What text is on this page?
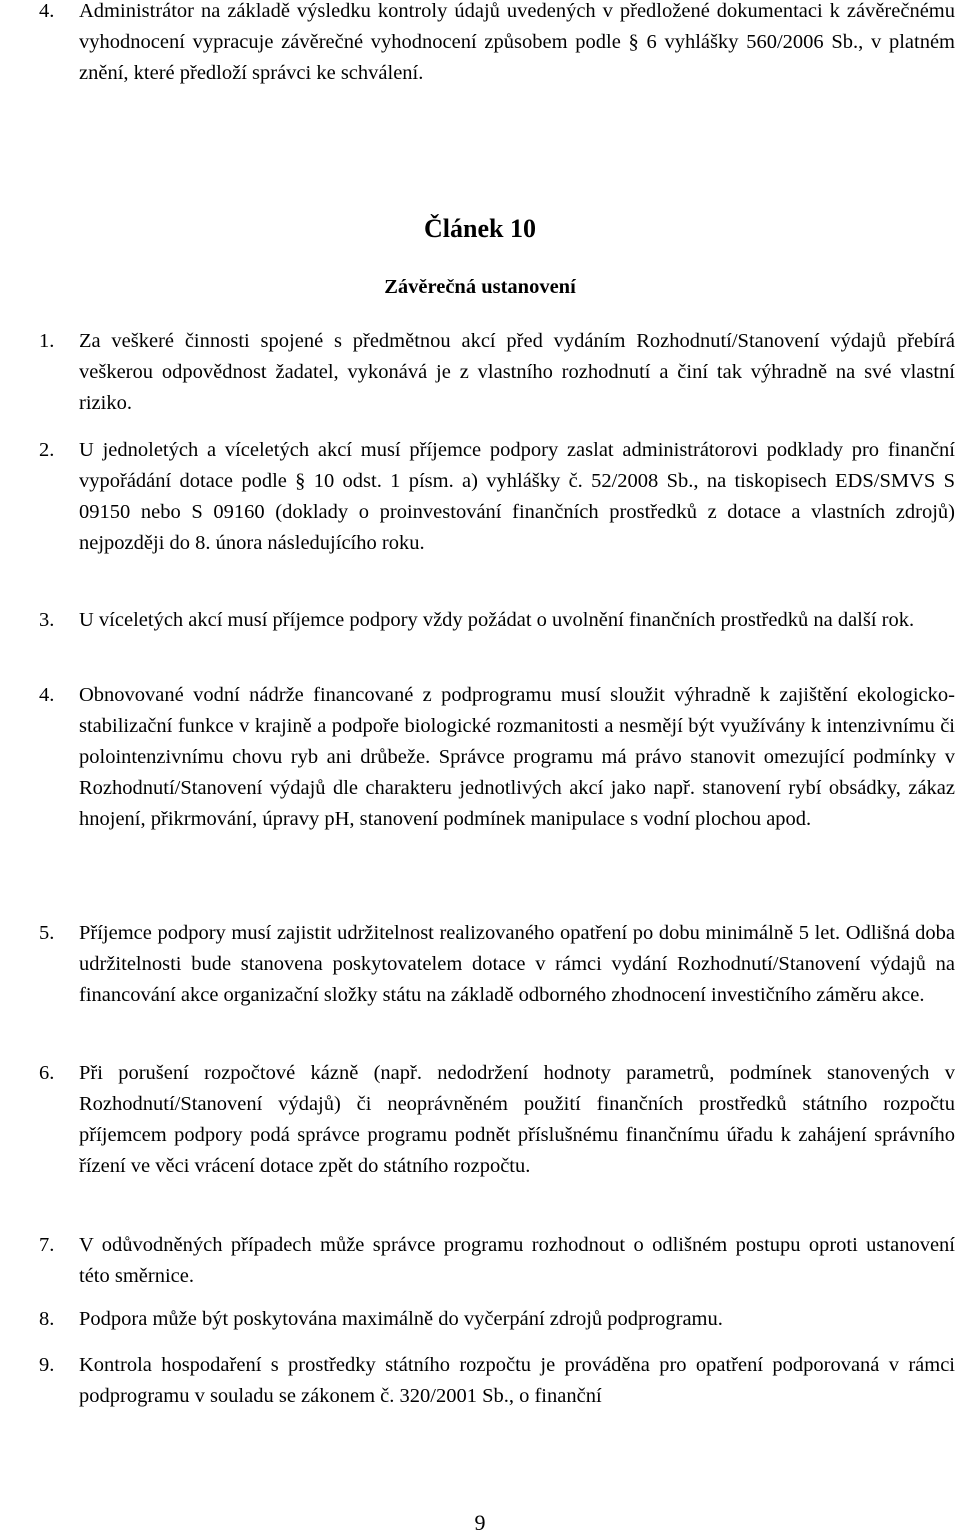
4.	Administrátor na základě výsledku kontroly údajů uvedených v předložené dokumentaci k závěrečnému vyhodnocení vypracuje závěrečné vyhodnocení způsobem podle § 6 vyhlášky 560/2006 Sb., v platném znění, které předloží správci ke schválení.
Článek 10
Závěrečná ustanovení
1.	Za veškeré činnosti spojené s předmětnou akcí před vydáním Rozhodnutí/Stanovení výdajů přebírá veškerou odpovědnost žadatel, vykonává je z vlastního rozhodnutí a činí tak výhradně na své vlastní riziko.
2.	U jednoletých a víceletých akcí musí příjemce podpory zaslat administrátorovi podklady pro finanční vypořádání dotace podle § 10 odst. 1 písm. a) vyhlášky č. 52/2008 Sb., na tiskopisech EDS/SMVS S 09150 nebo S 09160 (doklady o proinvestování finančních prostředků z dotace a vlastních zdrojů) nejpozději do 8. února následujícího roku.
3.	U víceletých akcí musí příjemce podpory vždy požádat o uvolnění finančních prostředků na další rok.
4.	Obnovované vodní nádrže financované z podprogramu musí sloužit výhradně k zajištění ekologicko-stabilizační funkce v krajině a podpoře biologické rozmanitosti a nesmějí být využívány k intenzivnímu či polointenzivnímu chovu ryb ani drůbeže. Správce programu má právo stanovit omezující podmínky v Rozhodnutí/Stanovení výdajů dle charakteru jednotlivých akcí jako např. stanovení rybí obsádky, zákaz hnojení, přikrmování, úpravy pH, stanovení podmínek manipulace s vodní plochou apod.
5.	Příjemce podpory musí zajistit udržitelnost realizovaného opatření po dobu minimálně 5 let. Odlišná doba udržitelnosti bude stanovena poskytovatelem dotace v rámci vydání Rozhodnutí/Stanovení výdajů na financování akce organizační složky státu na základě odborného zhodnocení investičního záměru akce.
6.	Při porušení rozpočtové kázně (např. nedodržení hodnoty parametrů, podmínek stanovených v Rozhodnutí/Stanovení výdajů) či neoprávněném použití finančních prostředků státního rozpočtu příjemcem podpory podá správce programu podnět příslušnému finančnímu úřadu k zahájení správního řízení ve věci vrácení dotace zpět do státního rozpočtu.
7.	V odůvodněných případech může správce programu rozhodnout o odlišném postupu oproti ustanovení této směrnice.
8.	Podpora může být poskytována maximálně do vyčerpání zdrojů podprogramu.
9.	Kontrola hospodaření s prostředky státního rozpočtu je prováděna pro opatření podporovaná v rámci podprogramu v souladu se zákonem č. 320/2001 Sb., o finanční
9
